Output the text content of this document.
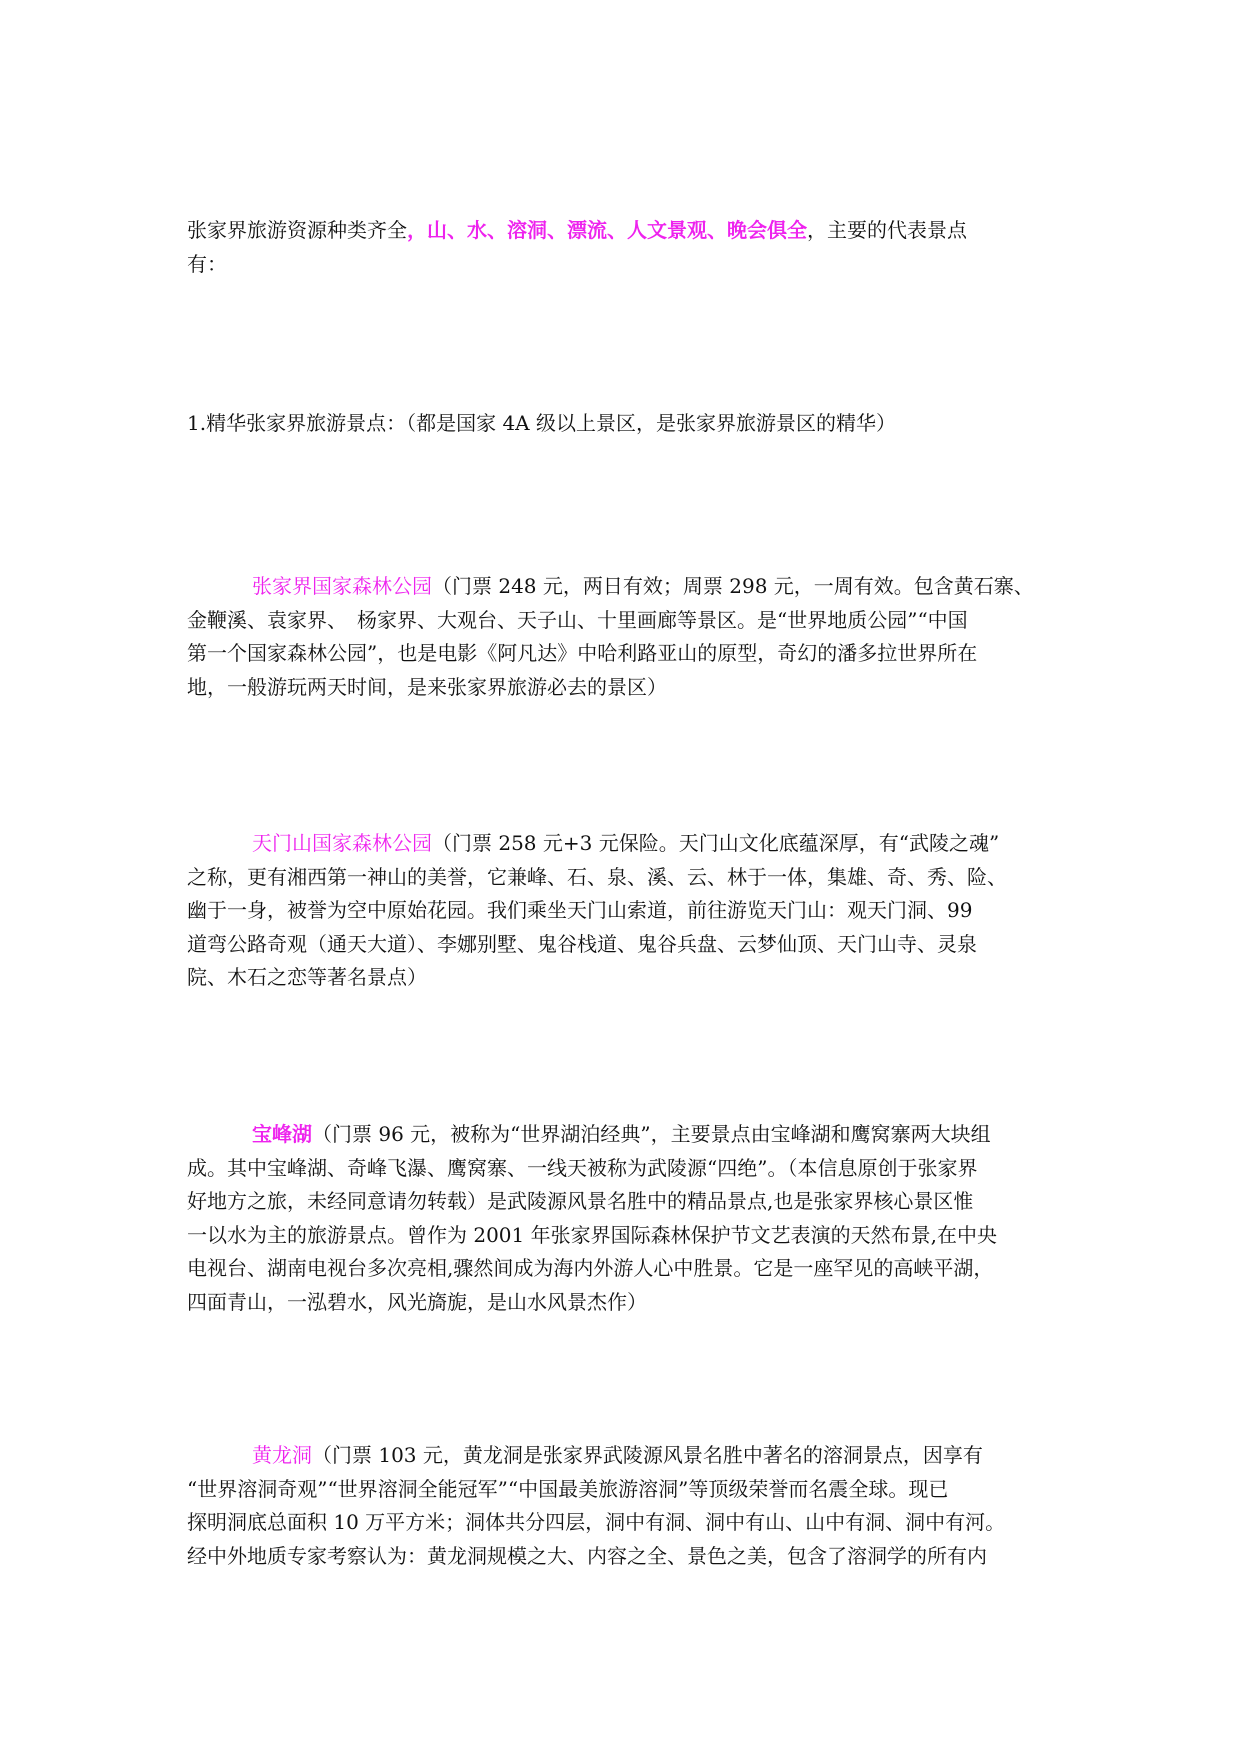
张家界旅游资源种类齐全，山、水、溶洞、漂流、人文景观、晚会俱全，主要的代表景点
有：

1.精华张家界旅游景点：（都是国家 4A 级以上景区，是张家界旅游景区的精华）

张家界国家森林公园（门票 248 元，两日有效；周票 298 元，一周有效。包含黄石寨、
金鞭溪、袁家界、　杨家界、大观台、天子山、十里画廊等景区。是“世界地质公园”“中国
第一个国家森林公园”，也是电影《阿凡达》中哈利路亚山的原型，奇幻的潘多拉世界所在
地，一般游玩两天时间，是来张家界旅游必去的景区）

天门山国家森林公园（门票 258 元+3 元保险。天门山文化底蕴深厚，有“武陵之魂”
之称，更有湘西第一神山的美誉，它兼峰、石、泉、溪、云、林于一体，集雄、奇、秀、险、
幽于一身，被誉为空中原始花园。我们乘坐天门山索道，前往游览天门山：观天门洞、99
道弯公路奇观（通天大道）、李娜别墅、鬼谷栈道、鬼谷兵盘、云梦仙顶、天门山寺、灵泉
院、木石之恋等著名景点）

宝峰湖（门票 96 元，被称为“世界湖泊经典”，主要景点由宝峰湖和鹰窝寨两大块组
成。其中宝峰湖、奇峰飞瀑、鹰窝寨、一线天被称为武陵源“四绝”。（本信息原创于张家界
好地方之旅，未经同意请勿转载）是武陵源风景名胜中的精品景点,也是张家界核心景区惟
一以水为主的旅游景点。曾作为 2001 年张家界国际森林保护节文艺表演的天然布景,在中央
电视台、湖南电视台多次亮相,骤然间成为海内外游人心中胜景。它是一座罕见的高峡平湖，
四面青山，一泓碧水，风光旖旎，是山水风景杰作）

黄龙洞（门票 103 元，黄龙洞是张家界武陵源风景名胜中著名的溶洞景点，因享有
“世界溶洞奇观”“世界溶洞全能冠军”“中国最美旅游溶洞”等顶级荣誉而名震全球。现已
探明洞底总面积 10 万平方米；洞体共分四层，洞中有洞、洞中有山、山中有洞、洞中有河。
经中外地质专家考察认为：黄龙洞规模之大、内容之全、景色之美，包含了溶洞学的所有内
